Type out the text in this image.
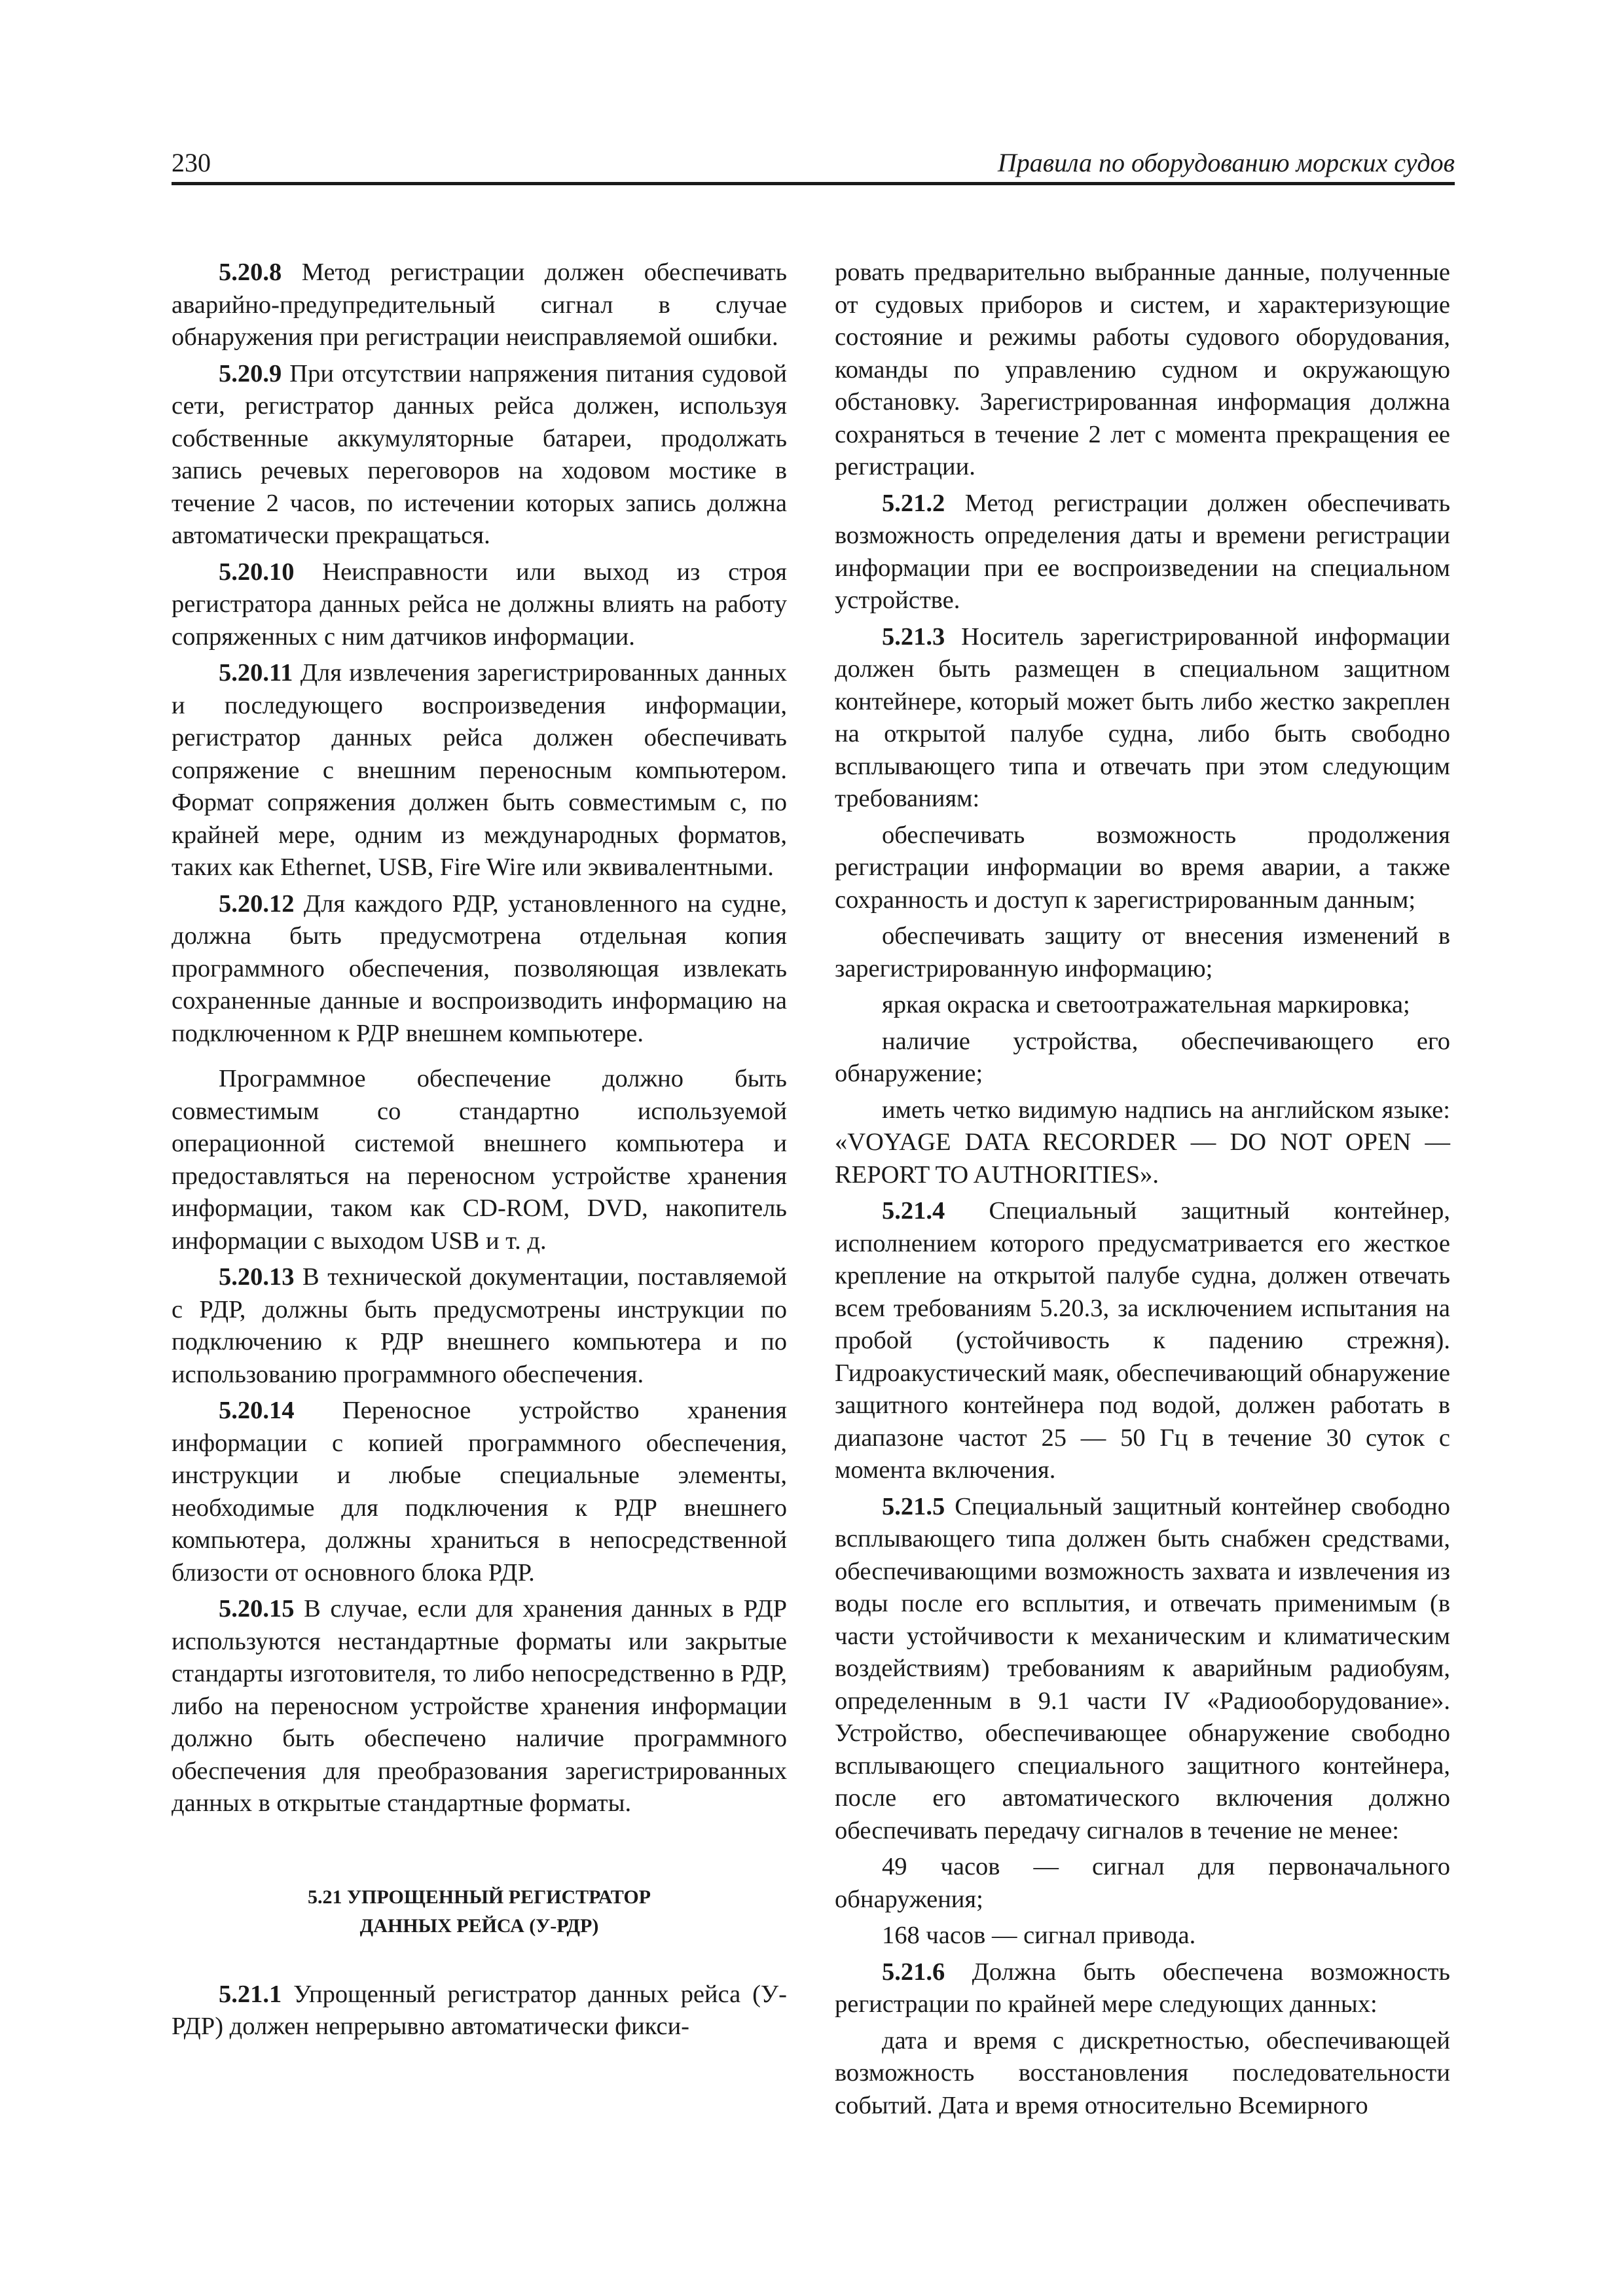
230	Правила по оборудованию морских судов

5.20.8 Метод регистрации должен обеспечивать аварийно-предупредительный сигнал в случае обнаружения при регистрации неисправляемой ошибки.

5.20.9 При отсутствии напряжения питания судовой сети, регистратор данных рейса должен, используя собственные аккумуляторные батареи, продолжать запись речевых переговоров на ходовом мостике в течение 2 часов, по истечении которых запись должна автоматически прекращаться.

5.20.10 Неисправности или выход из строя регистратора данных рейса не должны влиять на работу сопряженных с ним датчиков информации.

5.20.11 Для извлечения зарегистрированных данных и последующего воспроизведения информации, регистратор данных рейса должен обеспечивать сопряжение с внешним переносным компьютером. Формат сопряжения должен быть совместимым с, по крайней мере, одним из международных форматов, таких как Ethernet, USB, Fire Wire или эквивалентными.

5.20.12 Для каждого РДР, установленного на судне, должна быть предусмотрена отдельная копия программного обеспечения, позволяющая извлекать сохраненные данные и воспроизводить информацию на подключенном к РДР внешнем компьютере.

Программное обеспечение должно быть совместимым со стандартно используемой операционной системой внешнего компьютера и предоставляться на переносном устройстве хранения информации, таком как CD-ROM, DVD, накопитель информации с выходом USB и т. д.

5.20.13 В технической документации, поставляемой с РДР, должны быть предусмотрены инструкции по подключению к РДР внешнего компьютера и по использованию программного обеспечения.

5.20.14 Переносное устройство хранения информации с копией программного обеспечения, инструкции и любые специальные элементы, необходимые для подключения к РДР внешнего компьютера, должны храниться в непосредственной близости от основного блока РДР.

5.20.15 В случае, если для хранения данных в РДР используются нестандартные форматы или закрытые стандарты изготовителя, то либо непосредственно в РДР, либо на переносном устройстве хранения информации должно быть обеспечено наличие программного обеспечения для преобразования зарегистрированных данных в открытые стандартные форматы.

5.21 УПРОЩЕННЫЙ РЕГИСТРАТОР
ДАННЫХ РЕЙСА (У-РДР)

5.21.1 Упрощенный регистратор данных рейса (У-РДР) должен непрерывно автоматически фикси-

ровать предварительно выбранные данные, полученные от судовых приборов и систем, и характеризующие состояние и режимы работы судового оборудования, команды по управлению судном и окружающую обстановку. Зарегистрированная информация должна сохраняться в течение 2 лет с момента прекращения ее регистрации.

5.21.2 Метод регистрации должен обеспечивать возможность определения даты и времени регистрации информации при ее воспроизведении на специальном устройстве.

5.21.3 Носитель зарегистрированной информации должен быть размещен в специальном защитном контейнере, который может быть либо жестко закреплен на открытой палубе судна, либо быть свободно всплывающего типа и отвечать при этом следующим требованиям:

обеспечивать возможность продолжения регистрации информации во время аварии, а также сохранность и доступ к зарегистрированным данным;

обеспечивать защиту от внесения изменений в зарегистрированную информацию;

яркая окраска и светоотражательная маркировка;

наличие устройства, обеспечивающего его обнаружение;

иметь четко видимую надпись на английском языке: «VOYAGE DATA RECORDER — DO NOT OPEN — REPORT TO AUTHORITIES».

5.21.4 Специальный защитный контейнер, исполнением которого предусматривается его жесткое крепление на открытой палубе судна, должен отвечать всем требованиям 5.20.3, за исключением испытания на пробой (устойчивость к падению стрежня). Гидроакустический маяк, обеспечивающий обнаружение защитного контейнера под водой, должен работать в диапазоне частот 25 — 50 Гц в течение 30 суток с момента включения.

5.21.5 Специальный защитный контейнер свободно всплывающего типа должен быть снабжен средствами, обеспечивающими возможность захвата и извлечения из воды после его всплытия, и отвечать применимым (в части устойчивости к механическим и климатическим воздействиям) требованиям к аварийным радиобуям, определенным в 9.1 части IV «Радиооборудование». Устройство, обеспечивающее обнаружение свободно всплывающего специального защитного контейнера, после его автоматического включения должно обеспечивать передачу сигналов в течение не менее:

49 часов — сигнал для первоначального обнаружения;

168 часов — сигнал привода.

5.21.6 Должна быть обеспечена возможность регистрации по крайней мере следующих данных:

дата и время с дискретностью, обеспечивающей возможность восстановления последовательности событий. Дата и время относительно Всемирного
